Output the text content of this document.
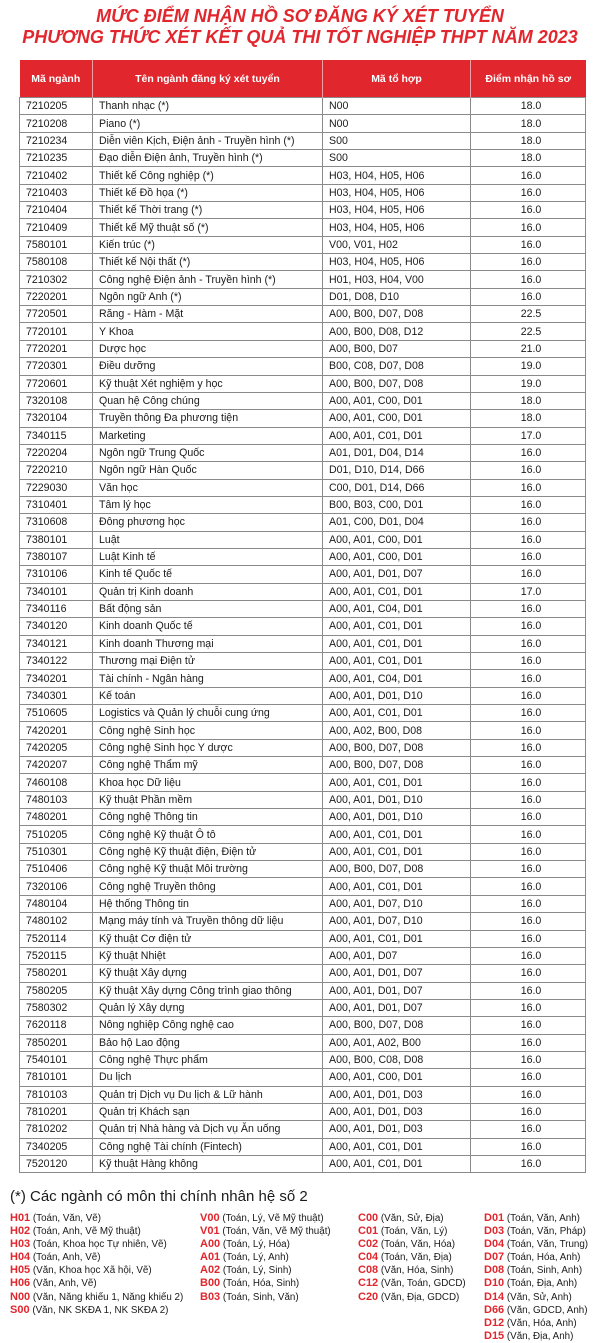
MỨC ĐIỂM NHẬN HỒ SƠ ĐĂNG KÝ XÉT TUYỂN
PHƯƠNG THỨC XÉT KẾT QUẢ THI TỐT NGHIỆP THPT NĂM 2023
Mã ngành	Tên ngành đăng ký xét tuyển	Mã tổ hợp	Điểm nhận hồ sơ
7210205	Thanh nhạc (*)	N00	18.0
7210208	Piano (*)	N00	18.0
7210234	Diễn viên Kịch, Điện ảnh - Truyền hình (*)	S00	18.0
7210235	Đạo diễn Điện ảnh, Truyền hình (*)	S00	18.0
7210402	Thiết kế Công nghiệp (*)	H03, H04, H05, H06	16.0
7210403	Thiết kế Đồ họa (*)	H03, H04, H05, H06	16.0
7210404	Thiết kế Thời trang (*)	H03, H04, H05, H06	16.0
7210409	Thiết kế Mỹ thuật số (*)	H03, H04, H05, H06	16.0
7580101	Kiến trúc (*)	V00, V01, H02	16.0
7580108	Thiết kế Nội thất (*)	H03, H04, H05, H06	16.0
7210302	Công nghệ Điện ảnh - Truyền hình (*)	H01, H03, H04, V00	16.0
7220201	Ngôn ngữ Anh (*)	D01, D08, D10	16.0
7720501	Răng - Hàm - Mặt	A00, B00, D07, D08	22.5
7720101	Y Khoa	A00, B00, D08, D12	22.5
7720201	Dược học	A00, B00, D07	21.0
7720301	Điều dưỡng	B00, C08, D07, D08	19.0
7720601	Kỹ thuật Xét nghiệm y học	A00, B00, D07, D08	19.0
7320108	Quan hệ Công chúng	A00, A01, C00, D01	18.0
7320104	Truyền thông Đa phương tiện	A00, A01, C00, D01	18.0
7340115	Marketing	A00, A01, C01, D01	17.0
7220204	Ngôn ngữ Trung Quốc	A01, D01, D04, D14	16.0
7220210	Ngôn ngữ Hàn Quốc	D01, D10, D14, D66	16.0
7229030	Văn học	C00, D01, D14, D66	16.0
7310401	Tâm lý học	B00, B03, C00, D01	16.0
7310608	Đông phương học	A01, C00, D01, D04	16.0
7380101	Luật	A00, A01, C00, D01	16.0
7380107	Luật Kinh tế	A00, A01, C00, D01	16.0
7310106	Kinh tế Quốc tế	A00, A01, D01, D07	16.0
7340101	Quản trị Kinh doanh	A00, A01, C01, D01	17.0
7340116	Bất động sản	A00, A01, C04, D01	16.0
7340120	Kinh doanh Quốc tế	A00, A01, C01, D01	16.0
7340121	Kinh doanh Thương mại	A00, A01, C01, D01	16.0
7340122	Thương mại Điện tử	A00, A01, C01, D01	16.0
7340201	Tài chính - Ngân hàng	A00, A01, C04, D01	16.0
7340301	Kế toán	A00, A01, D01, D10	16.0
7510605	Logistics và Quản lý chuỗi cung ứng	A00, A01, C01, D01	16.0
7420201	Công nghệ Sinh học	A00, A02, B00, D08	16.0
7420205	Công nghệ Sinh học Y dược	A00, B00, D07, D08	16.0
7420207	Công nghệ Thẩm mỹ	A00, B00, D07, D08	16.0
7460108	Khoa học Dữ liệu	A00, A01, C01, D01	16.0
7480103	Kỹ thuật Phần mềm	A00, A01, D01, D10	16.0
7480201	Công nghệ Thông tin	A00, A01, D01, D10	16.0
7510205	Công nghệ Kỹ thuật Ô tô	A00, A01, C01, D01	16.0
7510301	Công nghệ Kỹ thuật điện, Điện tử	A00, A01, C01, D01	16.0
7510406	Công nghệ Kỹ thuật Môi trường	A00, B00, D07, D08	16.0
7320106	Công nghệ Truyền thông	A00, A01, C01, D01	16.0
7480104	Hệ thống Thông tin	A00, A01, D07, D10	16.0
7480102	Mạng máy tính và Truyền thông dữ liệu	A00, A01, D07, D10	16.0
7520114	Kỹ thuật Cơ điện tử	A00, A01, C01, D01	16.0
7520115	Kỹ thuật Nhiệt	A00, A01, D07	16.0
7580201	Kỹ thuật Xây dựng	A00, A01, D01, D07	16.0
7580205	Kỹ thuật Xây dựng Công trình giao thông	A00, A01, D01, D07	16.0
7580302	Quản lý Xây dựng	A00, A01, D01, D07	16.0
7620118	Nông nghiệp Công nghệ cao	A00, B00, D07, D08	16.0
7850201	Bảo hộ Lao động	A00, A01, A02, B00	16.0
7540101	Công nghệ Thực phẩm	A00, B00, C08, D08	16.0
7810101	Du lịch	A00, A01, C00, D01	16.0
7810103	Quản trị Dịch vụ Du lịch & Lữ hành	A00, A01, D01, D03	16.0
7810201	Quản trị Khách sạn	A00, A01, D01, D03	16.0
7810202	Quản trị Nhà hàng và Dịch vụ Ăn uống	A00, A01, D01, D03	16.0
7340205	Công nghệ Tài chính (Fintech)	A00, A01, C01, D01	16.0
7520120	Kỹ thuật Hàng không	A00, A01, C01, D01	16.0
(*) Các ngành có môn thi chính nhân hệ số 2
H01 (Toán, Văn, Vẽ)
H02 (Toán, Anh, Vẽ Mỹ thuật)
H03 (Toán, Khoa học Tự nhiên, Vẽ)
H04 (Toán, Anh, Vẽ)
H05 (Văn, Khoa học Xã hội, Vẽ)
H06 (Văn, Anh, Vẽ)
N00 (Văn, Năng khiếu 1, Năng khiếu 2)
S00 (Văn, NK SKĐA 1, NK SKĐA 2)
V00 (Toán, Lý, Vẽ Mỹ thuật)
V01 (Toán, Văn, Vẽ Mỹ thuật)
A00 (Toán, Lý, Hóa)
A01 (Toán, Lý, Anh)
A02 (Toán, Lý, Sinh)
B00 (Toán, Hóa, Sinh)
B03 (Toán, Sinh, Văn)
C00 (Văn, Sử, Địa)
C01 (Toán, Văn, Lý)
C02 (Toán, Văn, Hóa)
C04 (Toán, Văn, Địa)
C08 (Văn, Hóa, Sinh)
C12 (Văn, Toán, GDCD)
C20 (Văn, Địa, GDCD)
D01 (Toán, Văn, Anh)
D03 (Toán, Văn, Pháp)
D04 (Toán, Văn, Trung)
D07 (Toán, Hóa, Anh)
D08 (Toán, Sinh, Anh)
D10 (Toán, Địa, Anh)
D14 (Văn, Sử, Anh)
D66 (Văn, GDCD, Anh)
D12 (Văn, Hóa, Anh)
D15 (Văn, Địa, Anh)
